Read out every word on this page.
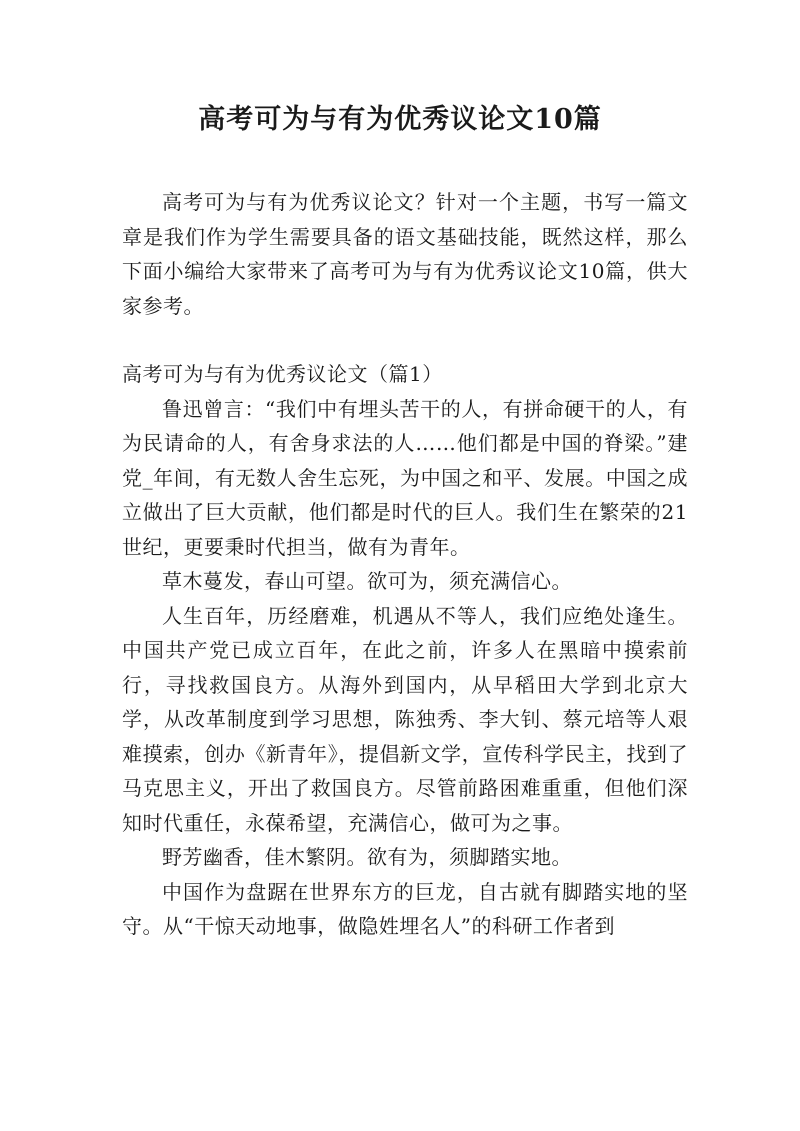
高考可为与有为优秀议论文10篇

高考可为与有为优秀议论文？针对一个主题，书写一篇文章是我们作为学生需要具备的语文基础技能，既然这样，那么下面小编给大家带来了高考可为与有为优秀议论文10篇，供大家参考。

高考可为与有为优秀议论文（篇1）

鲁迅曾言：“我们中有埋头苦干的人，有拼命硬干的人，有为民请命的人，有舍身求法的人……他们都是中国的脊梁。”建党_年间，有无数人舍生忘死，为中国之和平、发展。中国之成立做出了巨大贡献，他们都是时代的巨人。我们生在繁荣的21世纪，更要秉时代担当，做有为青年。

草木蔓发，春山可望。欲可为，须充满信心。

人生百年，历经磨难，机遇从不等人，我们应绝处逢生。中国共产党已成立百年，在此之前，许多人在黑暗中摸索前行，寻找救国良方。从海外到国内，从早稻田大学到北京大学，从改革制度到学习思想，陈独秀、李大钊、蔡元培等人艰难摸索，创办《新青年》，提倡新文学，宣传科学民主，找到了马克思主义，开出了救国良方。尽管前路困难重重，但他们深知时代重任，永葆希望，充满信心，做可为之事。

野芳幽香，佳木繁阴。欲有为，须脚踏实地。

中国作为盘踞在世界东方的巨龙，自古就有脚踏实地的坚守。从“干惊天动地事，做隐姓埋名人”的科研工作者到
